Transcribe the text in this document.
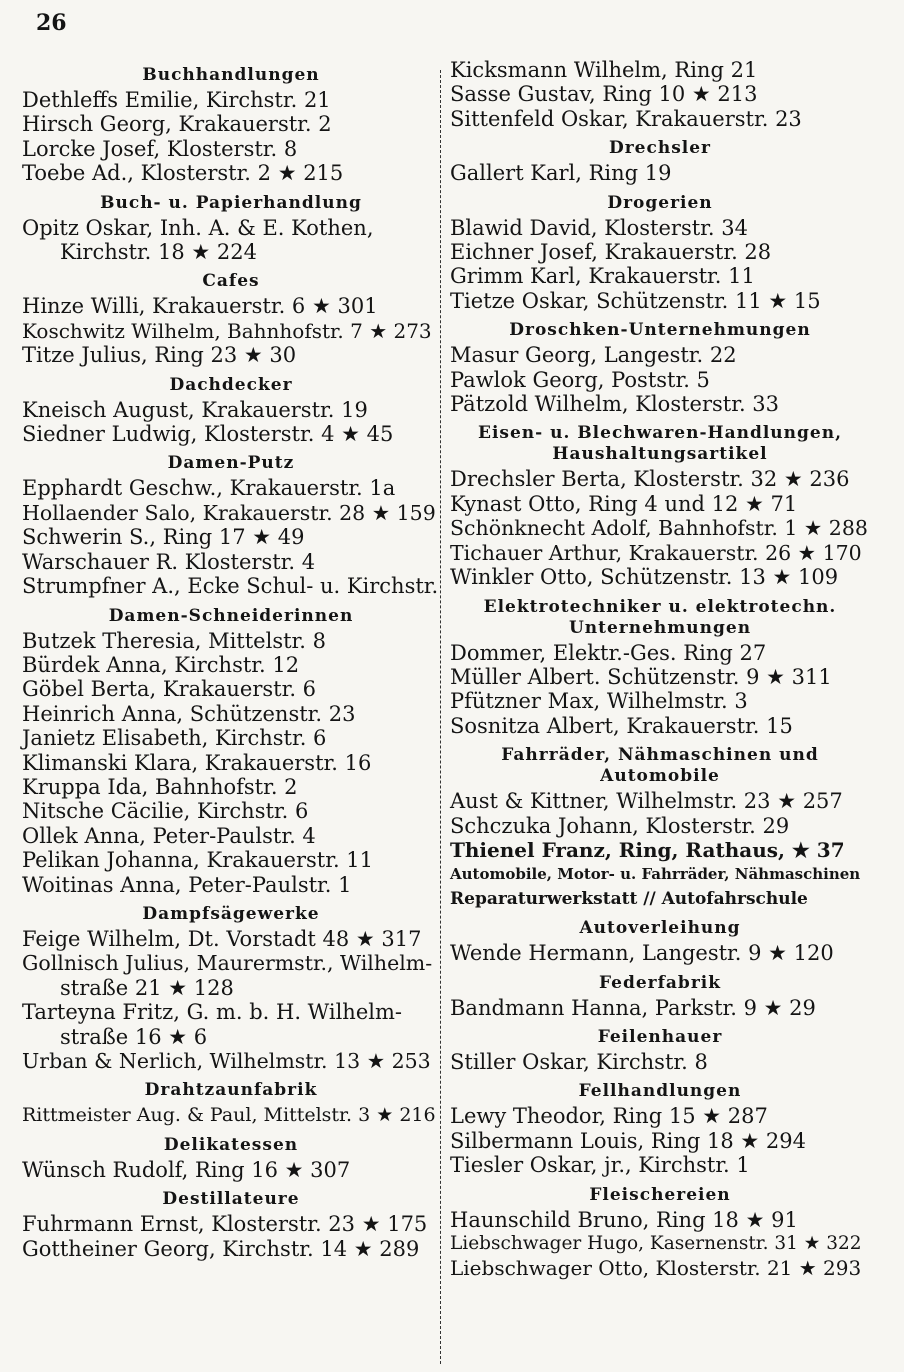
26
Buchhandlungen
Dethleffs Emilie, Kirchstr. 21
Hirsch Georg, Krakauerstr. 2
Lorcke Josef, Klosterstr. 8
Toebe Ad., Klosterstr. 2 ★ 215
Buch- u. Papierhandlung
Opitz Oskar, Inh. A. & E. Kothen,
Kirchstr. 18 ★ 224
Cafes
Hinze Willi, Krakauerstr. 6 ★ 301
Koschwitz Wilhelm, Bahnhofstr. 7 ★ 273
Titze Julius, Ring 23 ★ 30
Dachdecker
Kneisch August, Krakauerstr. 19
Siedner Ludwig, Klosterstr. 4 ★ 45
Damen-Putz
Epphardt Geschw., Krakauerstr. 1a
Hollaender Salo, Krakauerstr. 28 ★ 159
Schwerin S., Ring 17 ★ 49
Warschauer R. Klosterstr. 4
Strumpfner A., Ecke Schul- u. Kirchstr.
Damen-Schneiderinnen
Butzek Theresia, Mittelstr. 8
Bürdek Anna, Kirchstr. 12
Göbel Berta, Krakauerstr. 6
Heinrich Anna, Schützenstr. 23
Janietz Elisabeth, Kirchstr. 6
Klimanski Klara, Krakauerstr. 16
Kruppa Ida, Bahnhofstr. 2
Nitsche Cäcilie, Kirchstr. 6
Ollek Anna, Peter-Paulstr. 4
Pelikan Johanna, Krakauerstr. 11
Woitinas Anna, Peter-Paulstr. 1
Dampfsägewerke
Feige Wilhelm, Dt. Vorstadt 48 ★ 317
Gollnisch Julius, Maurermstr., Wilhelm-
straße 21 ★ 128
Tarteyna Fritz, G. m. b. H. Wilhelm-
straße 16 ★ 6
Urban & Nerlich, Wilhelmstr. 13 ★ 253
Drahtzaunfabrik
Rittmeister Aug. & Paul, Mittelstr. 3 ★ 216
Delikatessen
Wünsch Rudolf, Ring 16 ★ 307
Destillateure
Fuhrmann Ernst, Klosterstr. 23 ★ 175
Gottheiner Georg, Kirchstr. 14 ★ 289
Kicksmann Wilhelm, Ring 21
Sasse Gustav, Ring 10 ★ 213
Sittenfeld Oskar, Krakauerstr. 23
Drechsler
Gallert Karl, Ring 19
Drogerien
Blawid David, Klosterstr. 34
Eichner Josef, Krakauerstr. 28
Grimm Karl, Krakauerstr. 11
Tietze Oskar, Schützenstr. 11 ★ 15
Droschken-Unternehmungen
Masur Georg, Langestr. 22
Pawlok Georg, Poststr. 5
Pätzold Wilhelm, Klosterstr. 33
Eisen- u. Blechwaren-Handlungen, Haushaltungsartikel
Drechsler Berta, Klosterstr. 32 ★ 236
Kynast Otto, Ring 4 und 12 ★ 71
Schönknecht Adolf, Bahnhofstr. 1 ★ 288
Tichauer Arthur, Krakauerstr. 26 ★ 170
Winkler Otto, Schützenstr. 13 ★ 109
Elektrotechniker u. elektrotechn. Unternehmungen
Dommer, Elektr.-Ges. Ring 27
Müller Albert. Schützenstr. 9 ★ 311
Pfützner Max, Wilhelmstr. 3
Sosnitza Albert, Krakauerstr. 15
Fahrräder, Nähmaschinen und Automobile
Aust & Kittner, Wilhelmstr. 23 ★ 257
Schczuka Johann, Klosterstr. 29
Thienel Franz, Ring, Rathaus, ★ 37
Automobile, Motor- u. Fahrräder, Nähmaschinen
Reparaturwerkstatt // Autofahrschule
Autoverleihung
Wende Hermann, Langestr. 9 ★ 120
Federfabrik
Bandmann Hanna, Parkstr. 9 ★ 29
Feilenhauer
Stiller Oskar, Kirchstr. 8
Fellhandlungen
Lewy Theodor, Ring 15 ★ 287
Silbermann Louis, Ring 18 ★ 294
Tiesler Oskar, jr., Kirchstr. 1
Fleischereien
Haunschild Bruno, Ring 18 ★ 91
Liebschwager Hugo, Kasernenstr. 31 ★ 322
Liebschwager Otto, Klosterstr. 21 ★ 293
